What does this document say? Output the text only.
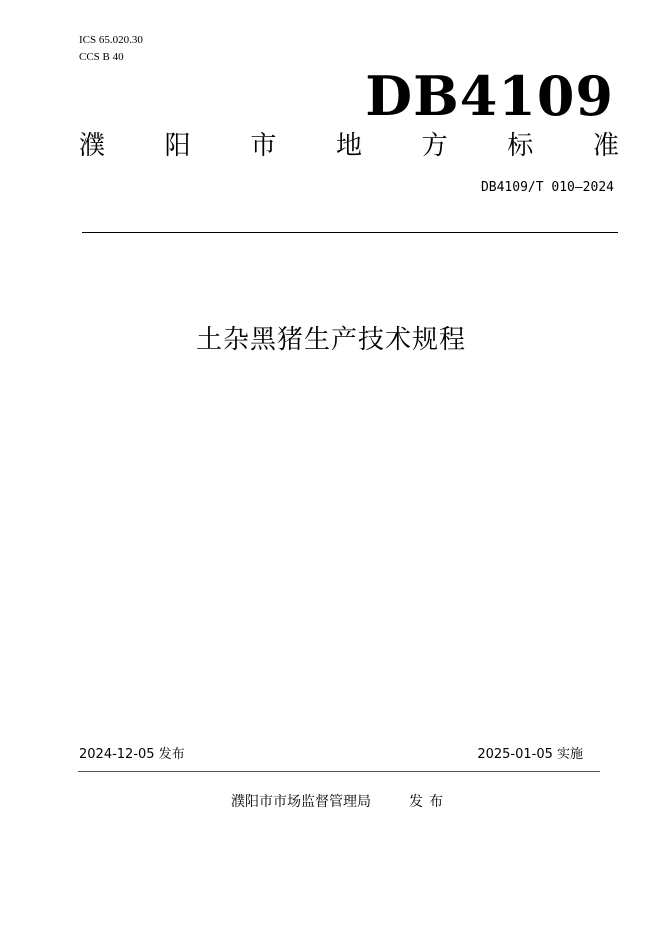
ICS 65.020.30
CCS B 40
DB4109
濮 阳 市 地 方 标 准
DB4109/T 010—2024
土杂黑猪生产技术规程
2024-12-05 发布	2025-01-05 实施
濮阳市市场监督管理局	发布
